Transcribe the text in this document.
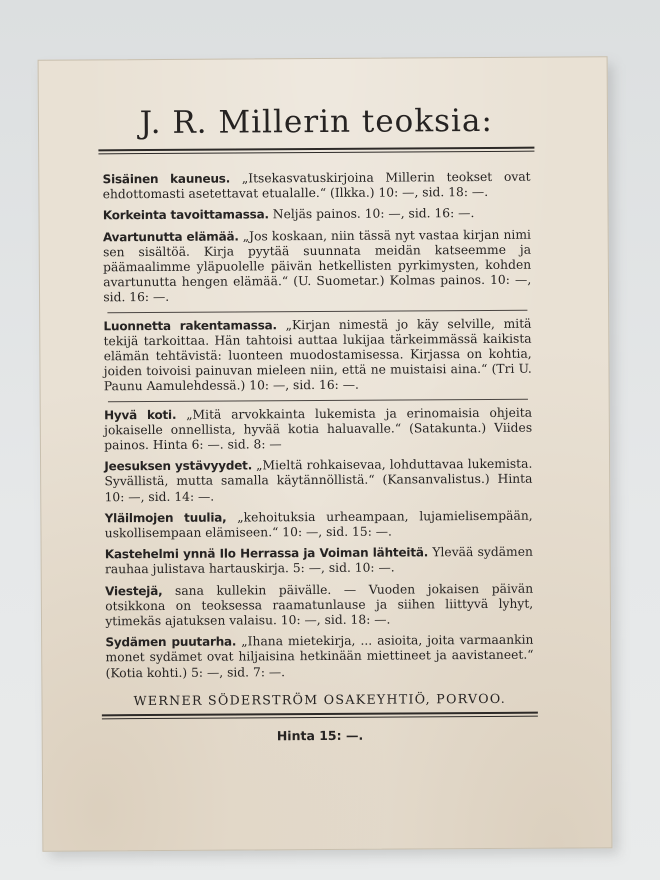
J. R. Millerin teoksia:

Sisäinen kauneus. „Itsekasvatuskirjoina Millerin teokset ovat ehdottomasti asetettavat etualalle.“ (Ilkka.) 10: —, sid. 18: —.

Korkeinta tavoittamassa. Neljäs painos. 10: —, sid. 16: —.

Avartunutta elämää. „Jos koskaan, niin tässä nyt vastaa kirjan nimi sen sisältöä. Kirja pyytää suunnata meidän katseemme ja päämaalimme yläpuolelle päivän hetkellisten pyrkimysten, kohden avartunutta hengen elämää.“ (U. Suometar.) Kolmas painos. 10: —, sid. 16: —.

Luonnetta rakentamassa. „Kirjan nimestä jo käy selville, mitä tekijä tarkoittaa. Hän tahtoisi auttaa lukijaa tärkeimmässä kaikista elämän tehtävistä: luonteen muodostamisessa. Kirjassa on kohtia, joiden toivoisi painuvan mieleen niin, että ne muistaisi aina.“ (Tri U. Paunu Aamulehdessä.) 10: —, sid. 16: —.

Hyvä koti. „Mitä arvokkainta lukemista ja erinomaisia ohjeita jokaiselle onnellista, hyvää kotia haluavalle.“ (Satakunta.) Viides painos. Hinta 6: —. sid. 8: —

Jeesuksen ystävyydet. „Mieltä rohkaisevaa, lohduttavaa lukemista. Syvällistä, mutta samalla käytännöllistä.“ (Kansanvalistus.) Hinta 10: —, sid. 14: —.

Yläilmojen tuulia, „kehoituksia urheampaan, lujamielisempään, uskollisempaan elämiseen.“ 10: —, sid. 15: —.

Kastehelmi ynnä Ilo Herrassa ja Voiman lähteitä. Ylevää sydämen rauhaa julistava hartauskirja. 5: —, sid. 10: —.

Viestejä, sana kullekin päivälle. — Vuoden jokaisen päivän otsikkona on teoksessa raamatunlause ja siihen liittyvä lyhyt, ytimekäs ajatuksen valaisu. 10: —, sid. 18: —.

Sydämen puutarha. „Ihana mietekirja, ... asioita, joita varmaankin monet sydämet ovat hiljaisina hetkinään miettineet ja aavistaneet.“ (Kotia kohti.) 5: —, sid. 7: —.

WERNER SÖDERSTRÖM OSAKEYHTIÖ, PORVOO.
Hinta 15: —.
